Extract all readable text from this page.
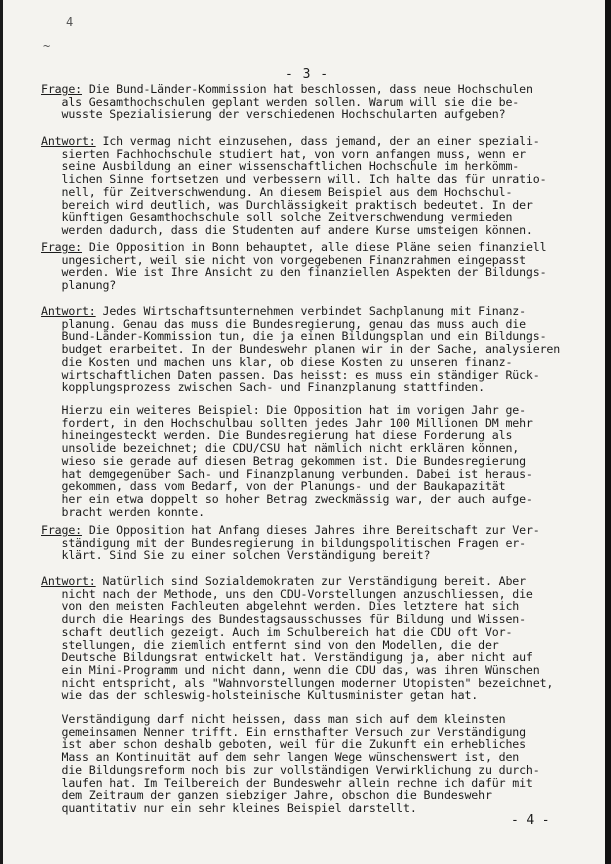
4
~
- 3 -

Frage: Die Bund-Länder-Kommission hat beschlossen, dass neue Hochschulen

als Gesamthochschulen geplant werden sollen. Warum will sie die be-

wusste Spezialisierung der verschiedenen Hochschularten aufgeben?

Antwort: Ich vermag nicht einzusehen, dass jemand, der an einer speziali-

sierten Fachhochschule studiert hat, von vorn anfangen muss, wenn er

seine Ausbildung an einer wissenschaftlichen Hochschule im herkömm-

lichen Sinne fortsetzen und verbessern will. Ich halte das für unratio-

nell, für Zeitverschwendung. An diesem Beispiel aus dem Hochschul-

bereich wird deutlich, was Durchlässigkeit praktisch bedeutet. In der

künftigen Gesamthochschule soll solche Zeitverschwendung vermieden

werden dadurch, dass die Studenten auf andere Kurse umsteigen können.

Frage: Die Opposition in Bonn behauptet, alle diese Pläne seien finanziell

ungesichert, weil sie nicht von vorgegebenen Finanzrahmen eingepasst

werden. Wie ist Ihre Ansicht zu den finanziellen Aspekten der Bildungs-

planung?

Antwort: Jedes Wirtschaftsunternehmen verbindet Sachplanung mit Finanz-

planung. Genau das muss die Bundesregierung, genau das muss auch die

Bund-Länder-Kommission tun, die ja einen Bildungsplan und ein Bildungs-

budget erarbeitet. In der Bundeswehr planen wir in der Sache, analysieren

die Kosten und machen uns klar, ob diese Kosten zu unseren finanz-

wirtschaftlichen Daten passen. Das heisst: es muss ein ständiger Rück-

kopplungsprozess zwischen Sach- und Finanzplanung stattfinden.

Hierzu ein weiteres Beispiel: Die Opposition hat im vorigen Jahr ge-

fordert, in den Hochschulbau sollten jedes Jahr 100 Millionen DM mehr

hineingesteckt werden. Die Bundesregierung hat diese Forderung als

unsolide bezeichnet; die CDU/CSU hat nämlich nicht erklären können,

wieso sie gerade auf diesen Betrag gekommen ist. Die Bundesregierung

hat demgegenüber Sach- und Finanzplanung verbunden. Dabei ist heraus-

gekommen, dass vom Bedarf, von der Planungs- und der Baukapazität

her ein etwa doppelt so hoher Betrag zweckmässig war, der auch aufge-

bracht werden konnte.

Frage: Die Opposition hat Anfang dieses Jahres ihre Bereitschaft zur Ver-

ständigung mit der Bundesregierung in bildungspolitischen Fragen er-

klärt. Sind Sie zu einer solchen Verständigung bereit?

Antwort: Natürlich sind Sozialdemokraten zur Verständigung bereit. Aber

nicht nach der Methode, uns den CDU-Vorstellungen anzuschliessen, die

von den meisten Fachleuten abgelehnt werden. Dies letztere hat sich

durch die Hearings des Bundestagsausschusses für Bildung und Wissen-

schaft deutlich gezeigt. Auch im Schulbereich hat die CDU oft Vor-

stellungen, die ziemlich entfernt sind von den Modellen, die der

Deutsche Bildungsrat entwickelt hat. Verständigung ja, aber nicht auf

ein Mini-Programm und nicht dann, wenn die CDU das, was ihren Wünschen

nicht entspricht, als "Wahnvorstellungen moderner Utopisten" bezeichnet,

wie das der schleswig-holsteinische Kultusminister getan hat.

Verständigung darf nicht heissen, dass man sich auf dem kleinsten

gemeinsamen Nenner trifft. Ein ernsthafter Versuch zur Verständigung

ist aber schon deshalb geboten, weil für die Zukunft ein erhebliches

Mass an Kontinuität auf dem sehr langen Wege wünschenswert ist, den

die Bildungsreform noch bis zur vollständigen Verwirklichung zu durch-

laufen hat. Im Teilbereich der Bundeswehr allein rechne ich dafür mit

dem Zeitraum der ganzen siebziger Jahre, obschon die Bundeswehr

quantitativ nur ein sehr kleines Beispiel darstellt.

- 4 -
